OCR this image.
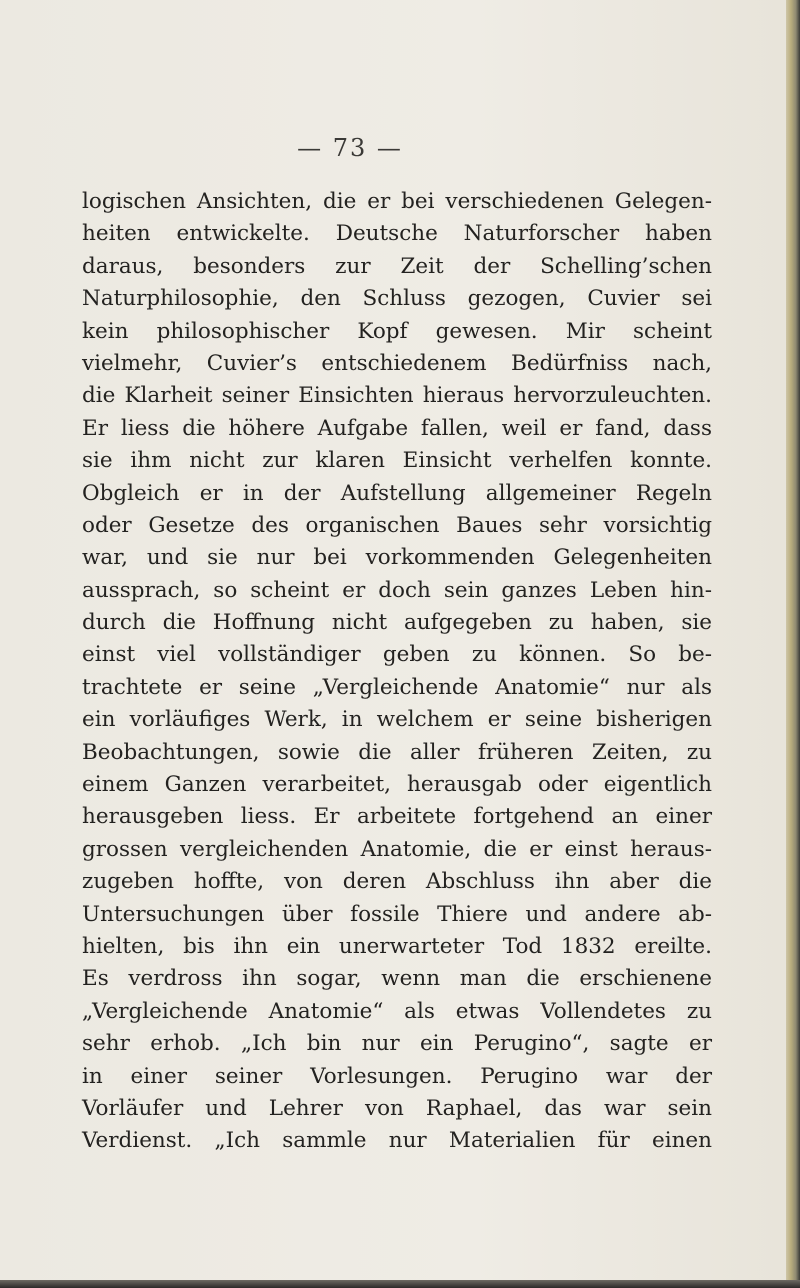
— 73 —
logischen Ansichten, die er bei verschiedenen Gelegen-
heiten entwickelte. Deutsche Naturforscher haben
daraus, besonders zur Zeit der Schelling’schen
Naturphilosophie, den Schluss gezogen, Cuvier sei
kein philosophischer Kopf gewesen. Mir scheint
vielmehr, Cuvier’s entschiedenem Bedürfniss nach,
die Klarheit seiner Einsichten hieraus hervorzuleuchten.
Er liess die höhere Aufgabe fallen, weil er fand, dass
sie ihm nicht zur klaren Einsicht verhelfen konnte.
Obgleich er in der Aufstellung allgemeiner Regeln
oder Gesetze des organischen Baues sehr vorsichtig
war, und sie nur bei vorkommenden Gelegenheiten
aussprach, so scheint er doch sein ganzes Leben hin-
durch die Hoffnung nicht aufgegeben zu haben, sie
einst viel vollständiger geben zu können. So be-
trachtete er seine „Vergleichende Anatomie“ nur als
ein vorläufiges Werk, in welchem er seine bisherigen
Beobachtungen, sowie die aller früheren Zeiten, zu
einem Ganzen verarbeitet, herausgab oder eigentlich
herausgeben liess. Er arbeitete fortgehend an einer
grossen vergleichenden Anatomie, die er einst heraus-
zugeben hoffte, von deren Abschluss ihn aber die
Untersuchungen über fossile Thiere und andere ab-
hielten, bis ihn ein unerwarteter Tod 1832 ereilte.
Es verdross ihn sogar, wenn man die erschienene
„Vergleichende Anatomie“ als etwas Vollendetes zu
sehr erhob. „Ich bin nur ein Perugino“, sagte er
in einer seiner Vorlesungen. Perugino war der
Vorläufer und Lehrer von Raphael, das war sein
Verdienst. „Ich sammle nur Materialien für einen
